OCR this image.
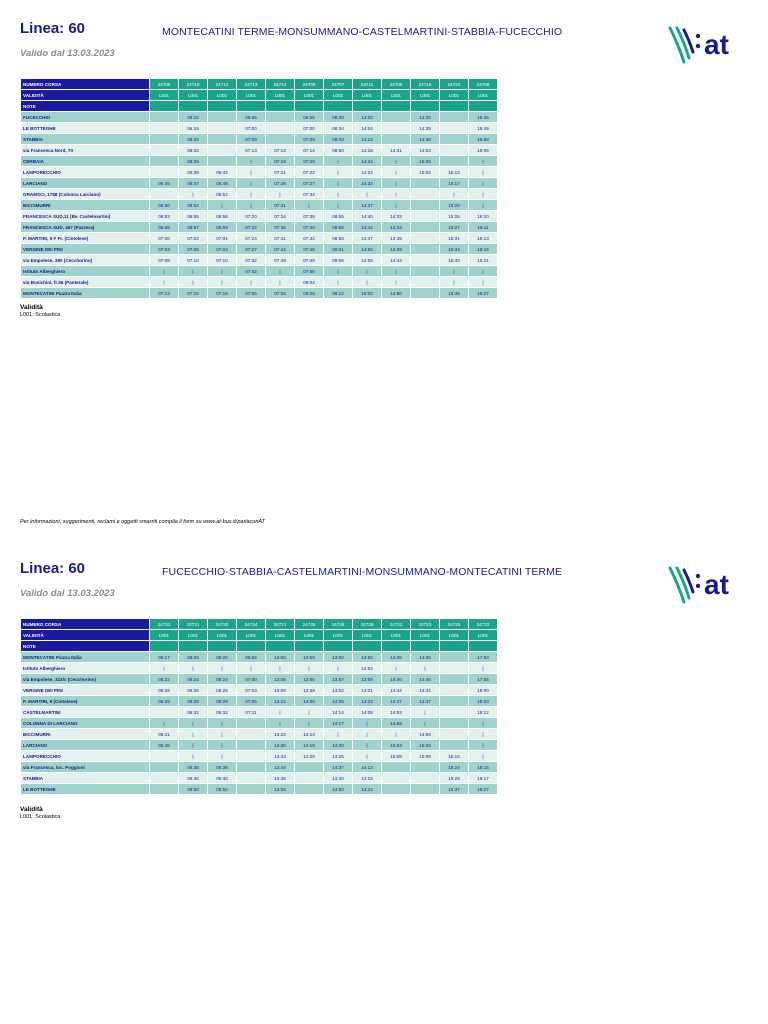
Linea: 60	MONTECATINI TERME-MONSUMMANO-CASTELMARTINI-STABBIA-FUCECCHIO
Valido dal 13.03.2023	at
NUMERO CORSA	24705	24710	24712	24713	24714	24709	24707	24711	24706	24716	24720	24708
VALIDITÀ	L001	L001	L001	L001	L001	L001	L001	L001	L001	L001	L001	L001
NOTE												
FUCECCHIO		06:15		06:55		06:55	08:30	14:00		14:35		15:45
LE BOTTEGHE		06:19		07:00		07:00	08:34	14:04		14:39		15:49
STABBIA		06:28		07:09		07:09	08:43	14:13		14:48		15:58
via Francesca Nord, 70		06:33		07:13	07:13	07:14	08:50	14:18	14:31	14:53		16:05
CERBAIA		06:39		|	07:19	07:20	|	14:24	|	15:00		|
LAMPORECCHIO		06:39	06:42	|	07:21	07:22	|	14:24	|	15:02	15:12	|
LARCIANO	06:45	06:47	06:48	|	07:26	07:27	|	14:32	|		15:17	|
GRAMSCI, 1788 (Colonna Larciano)		|	06:52	|	|	07:32	|	|	|		|	|
BICCIMURRI	06:50	06:52	|	|	07:31	|	|	14:37	|		15:20	|
FRANCESCA SUD,11 (Bv. Castelmartini)	06:53	06:55	06:58	07:20	07:34	07:38	08:55	14:40	14:33		15:25	16:10
FRANCESCA SUD, 467 (Pazzera)	06:55	06:57	06:59	07:22	07:36	07:40	08:56	14:42	14:34		15:27	16:11
P. MARTIRI, 6 F Fr. (Cintolese)	07:00	07:02	07:01	07:24	07:41	07:42	08:58	14:47	14:36		15:31	16:13
VERGINE DEI PINI	07:03	07:05	07:04	07:27	07:44	07:45	09:01	14:50	14:39		15:34	16:16
via Empolese, 380 (Cecchorino)	07:08	07:10	07:10	07:32	07:49	07:49	09:06	14:55	14:44		15:40	16:21
Istituto Alberghiero	|	|	|	07:42	|	07:56	|	|	|		|	|
via Busichini, fr.36 (Panterale)	|	|	|	|	|	08:02	|	|	|		|	|
MONTECATINI Piazza Italia	07:13	07:15	07:15	07:55	07:55	08:08	09:12	15:00	14:50		15:45	16:27
Validità
L001: Scolastica
Per informazioni, suggerimenti, reclami e oggetti smarriti compila il form su www.at-bus.it/parlaconAT
Linea: 60	FUCECCHIO-STABBIA-CASTELMARTINI-MONSUMMANO-MONTECATINI TERME
Valido dal 13.03.2023	at
NUMERO CORSA	24733	24731	24730	24734	24721	24735	24736	24729	24722	24723	24725	24732
VALIDITÀ	L001	L001	L001	L001	L001	L001	L001	L001	L001	L001	L001	L001
NOTE												
MONTECATINI Piazza Italia	06:17	06:20	06:20	06:56	13:00	13:50	13:50	13:50	14:35	14:35		17:50
Istituto Alberghiero	|	|	|	|	|	|	|	13:52	|	|		|
via Empolese, 323/c (Cecchorino)	06:22	06:24	06:24	07:00	13:05	13:55	13:57	13:58	14:40	14:40		17:55
VERGINE DEI PINI	06:26	06:26	06:26	07:03	13:09	13:59	14:02	14:01	14:44	14:44		18:00
P. MARTIRI, 8 (Cintolese)	06:29	06:28	06:28	07:05	13:12	14:00	14:05	14:03	14:47	14:47		18:03
CASTELMARTINI		06:32	06:32	07:11	|	|	14:14	14:08	14:53	|		18:12
COLONNA DI LARCIANO	|	|	|		|	|	14:17	|	14:59	|		|
BICCIMURRI	06:41	|	|		13:23	14:13	|	|	|	14:59		|
LARCIANO	06:45	|	|		13:30	14:19	14:20	|	15:03	15:03		|
LAMPORECCHIO		|	|		13:33	14:29	14:25	|	15:08	15:08	15:15	|
via Francesca, loc. Poggioni		06:38	06:38		13:44		14:37	14:13			15:24	18:15
STABBIA		06:40	06:40		13:46		14:40	14:15			15:28	18:17
LE BOTTEGHE		06:50	06:50		13:55		14:50	14:24			15:37	18:27
Validità
L001: Scolastica
